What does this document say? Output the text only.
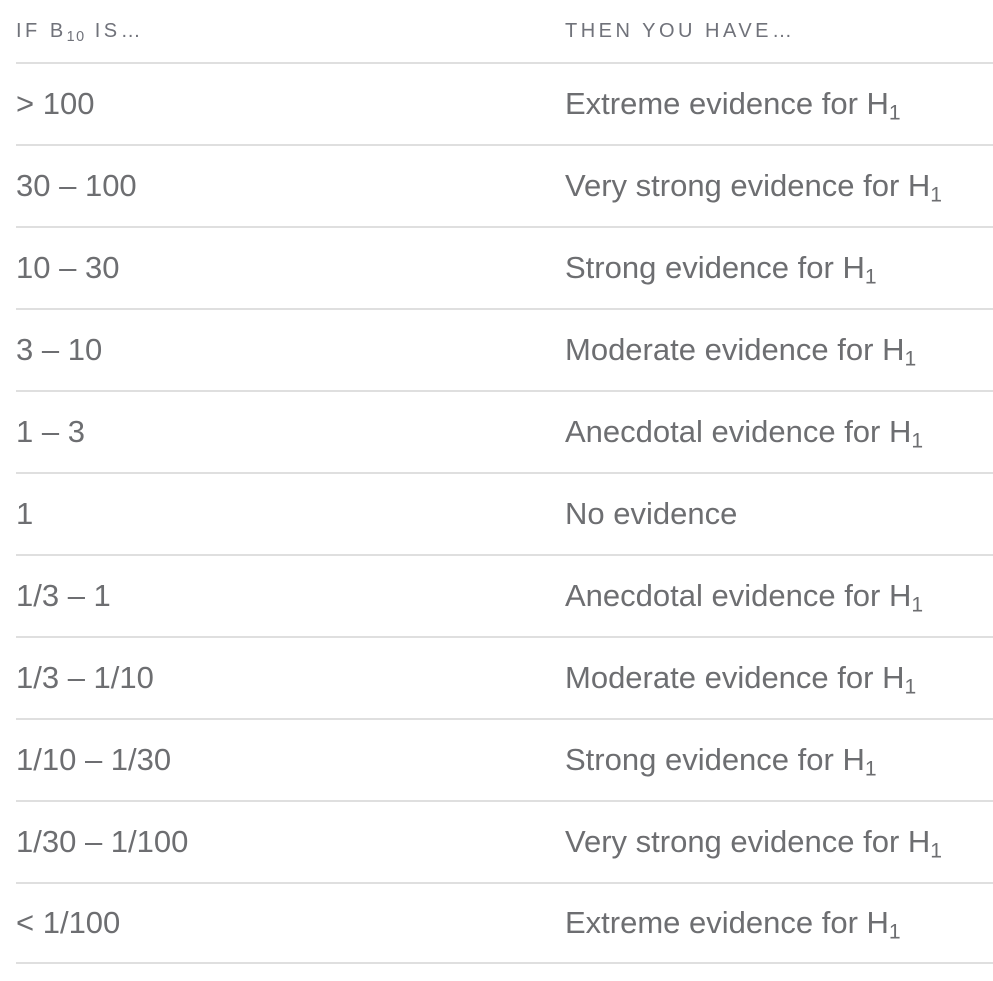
IF $B_{10}$ IS…	THEN YOU HAVE…
> 100	Extreme evidence for $H_1$
30 – 100	Very strong evidence for $H_1$
10 – 30	Strong evidence for $H_1$
3 – 10	Moderate evidence for $H_1$
1 – 3	Anecdotal evidence for $H_1$
1	No evidence
1/3 – 1	Anecdotal evidence for $H_1$
1/3 – 1/10	Moderate evidence for $H_1$
1/10 – 1/30	Strong evidence for $H_1$
1/30 – 1/100	Very strong evidence for $H_1$
< 1/100	Extreme evidence for $H_1$
